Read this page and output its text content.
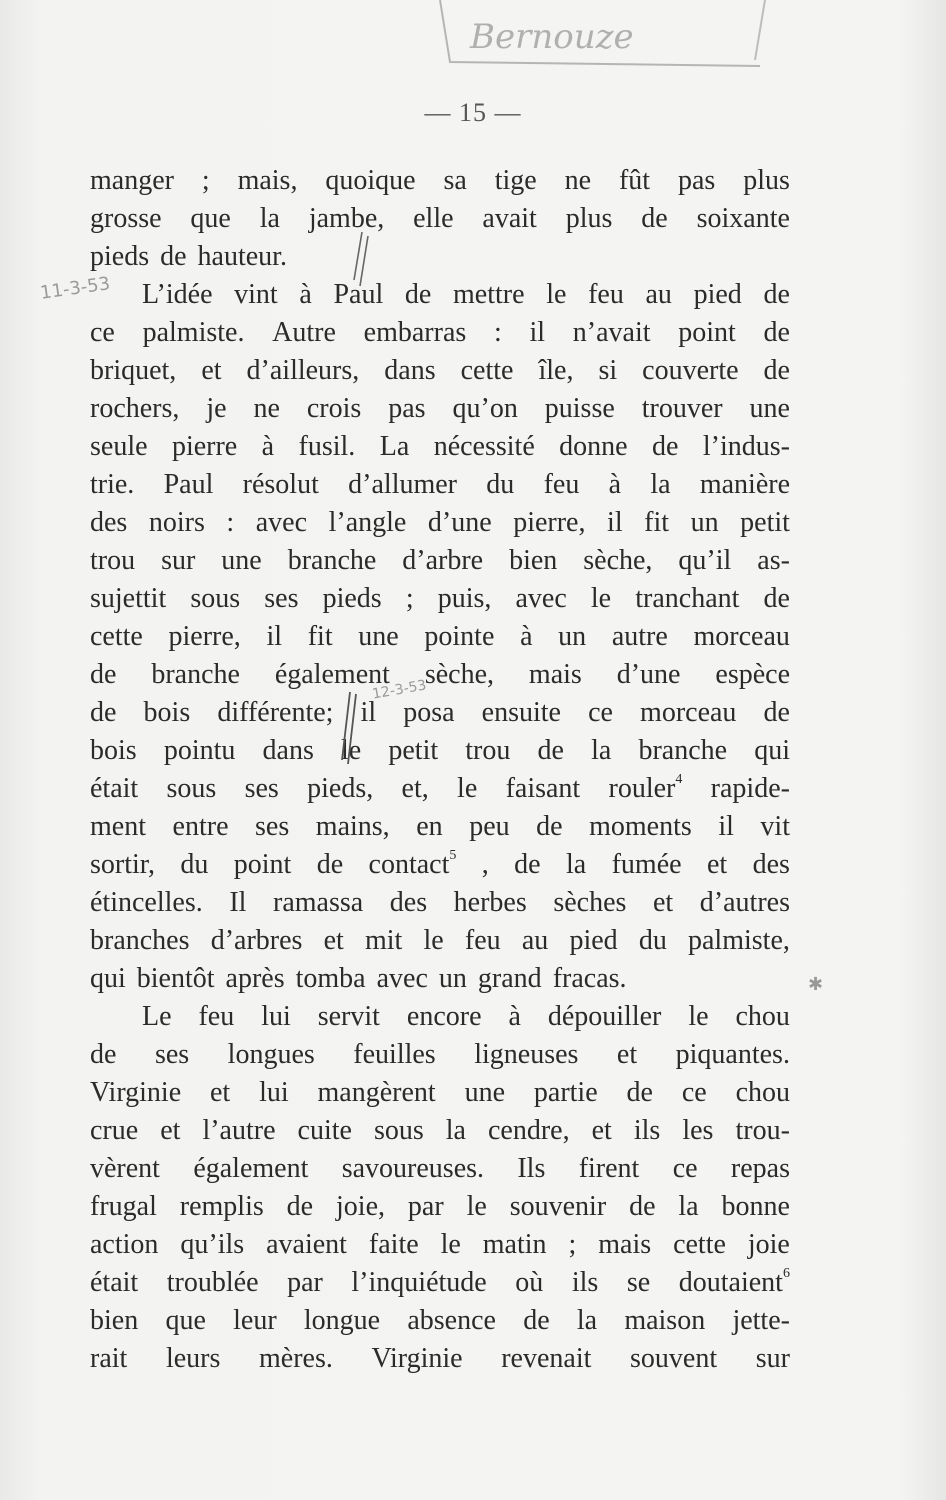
Bernouze
— 15 —
11-3-53
12-3-53
✱
manger ; mais, quoique sa tige ne fût pas plus
grosse que la jambe, elle avait plus de soixante
pieds de hauteur.
L’idée vint à Paul de mettre le feu au pied de
ce palmiste. Autre embarras : il n’avait point de
briquet, et d’ailleurs, dans cette île, si couverte de
rochers, je ne crois pas qu’on puisse trouver une
seule pierre à fusil. La nécessité donne de l’indus-
trie. Paul résolut d’allumer du feu à la manière
des noirs : avec l’angle d’une pierre, il fit un petit
trou sur une branche d’arbre bien sèche, qu’il as-
sujettit sous ses pieds ; puis, avec le tranchant de
cette pierre, il fit une pointe à un autre morceau
de branche également sèche, mais d’une espèce
de bois différente; il posa ensuite ce morceau de
bois pointu dans le petit trou de la branche qui
était sous ses pieds, et, le faisant rouler$^4$ rapide-
ment entre ses mains, en peu de moments il vit
sortir, du point de contact$^5$ , de la fumée et des
étincelles. Il ramassa des herbes sèches et d’autres
branches d’arbres et mit le feu au pied du palmiste,
qui bientôt après tomba avec un grand fracas.
Le feu lui servit encore à dépouiller le chou
de ses longues feuilles ligneuses et piquantes.
Virginie et lui mangèrent une partie de ce chou
crue et l’autre cuite sous la cendre, et ils les trou-
vèrent également savoureuses. Ils firent ce repas
frugal remplis de joie, par le souvenir de la bonne
action qu’ils avaient faite le matin ; mais cette joie
était troublée par l’inquiétude où ils se doutaient$^6$
bien que leur longue absence de la maison jette-
rait leurs mères. Virginie revenait souvent sur
